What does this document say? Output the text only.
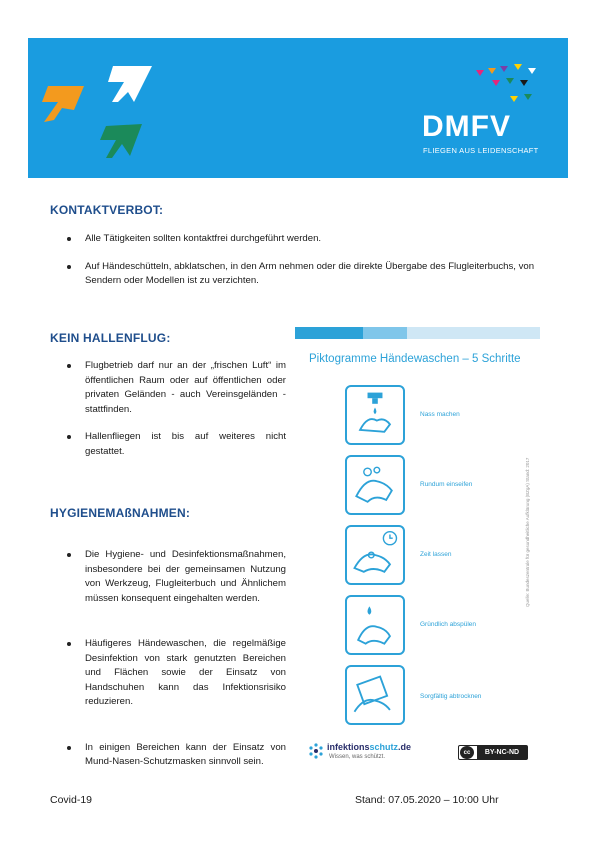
DMFV
FLIEGEN AUS LEIDENSCHAFT
KONTAKTVERBOT:
Alle Tätigkeiten sollten kontaktfrei durchgeführt werden.
Auf Händeschütteln, abklatschen, in den Arm nehmen oder die direkte Übergabe des Flugleiterbuchs, von Sendern oder Modellen ist zu verzichten.
KEIN HALLENFLUG:
Flugbetrieb darf nur an der „frischen Luft“ im öffentlichen Raum oder auf öffentlichen oder privaten Geländen - auch Vereinsgeländen - stattfinden.
Hallenfliegen ist bis auf weiteres nicht gestattet.
HYGIENEMAßNAHMEN:
Die Hygiene- und Desinfektionsmaßnahmen, insbesondere bei der gemeinsamen Nutzung von Werkzeug, Flugleiterbuch und Ähnlichem müssen konsequent eingehalten werden.
Häufigeres Händewaschen, die regelmäßige Desinfektion von stark genutzten Bereichen und Flächen sowie der Einsatz von Handschuhen kann das Infektionsrisiko reduzieren.
In einigen Bereichen kann der Einsatz von Mund-Nasen-Schutzmasken sinnvoll sein.
Piktogramme Händewaschen – 5 Schritte
Nass machen
Rundum einseifen
Zeit lassen
Gründlich abspülen
Sorgfältig abtrocknen
Quelle: Bundeszentrale für gesundheitliche Aufklärung (BZgA) Stand: 2017
infektionsschutz.de
Wissen, was schützt.
cc	BY-NC-ND
Covid-19	Stand: 07.05.2020 – 10:00 Uhr
